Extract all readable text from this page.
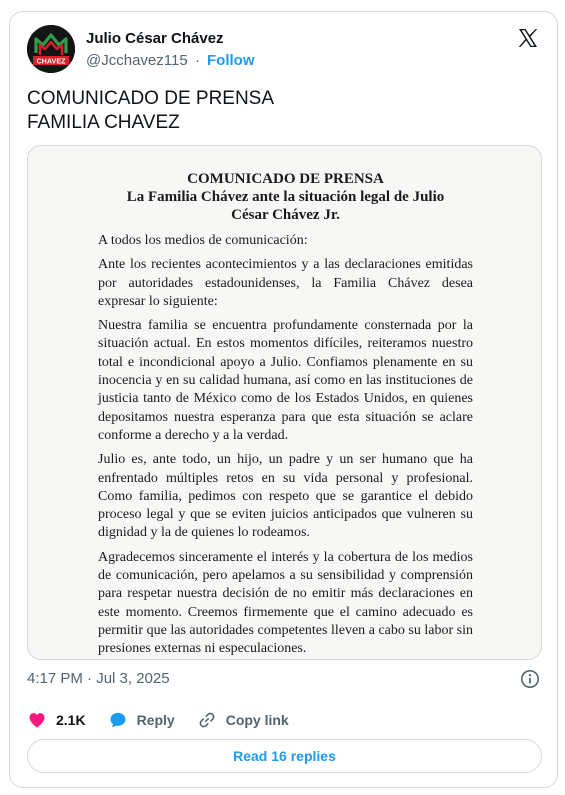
CHAVEZ
Julio César Chávez
@Jcchavez115 · Follow
COMUNICADO DE PRENSA
FAMILIA CHAVEZ
COMUNICADO DE PRENSA
La Familia Chávez ante la situación legal de Julio César Chávez Jr.

A todos los medios de comunicación:

Ante los recientes acontecimientos y a las declaraciones emitidas por autoridades estadounidenses, la Familia Chávez desea expresar lo siguiente:

Nuestra familia se encuentra profundamente consternada por la situación actual. En estos momentos difíciles, reiteramos nuestro total e incondicional apoyo a Julio. Confiamos plenamente en su inocencia y en su calidad humana, así como en las instituciones de justicia tanto de México como de los Estados Unidos, en quienes depositamos nuestra esperanza para que esta situación se aclare conforme a derecho y a la verdad.

Julio es, ante todo, un hijo, un padre y un ser humano que ha enfrentado múltiples retos en su vida personal y profesional. Como familia, pedimos con respeto que se garantice el debido proceso legal y que se eviten juicios anticipados que vulneren su dignidad y la de quienes lo rodeamos.

Agradecemos sinceramente el interés y la cobertura de los medios de comunicación, pero apelamos a su sensibilidad y comprensión para respetar nuestra decisión de no emitir más declaraciones en este momento. Creemos firmemente que el camino adecuado es permitir que las autoridades competentes lleven a cabo su labor sin presiones externas ni especulaciones.

4:17 PM · Jul 3, 2025
2.1K	Reply	Copy link
Read 16 replies
